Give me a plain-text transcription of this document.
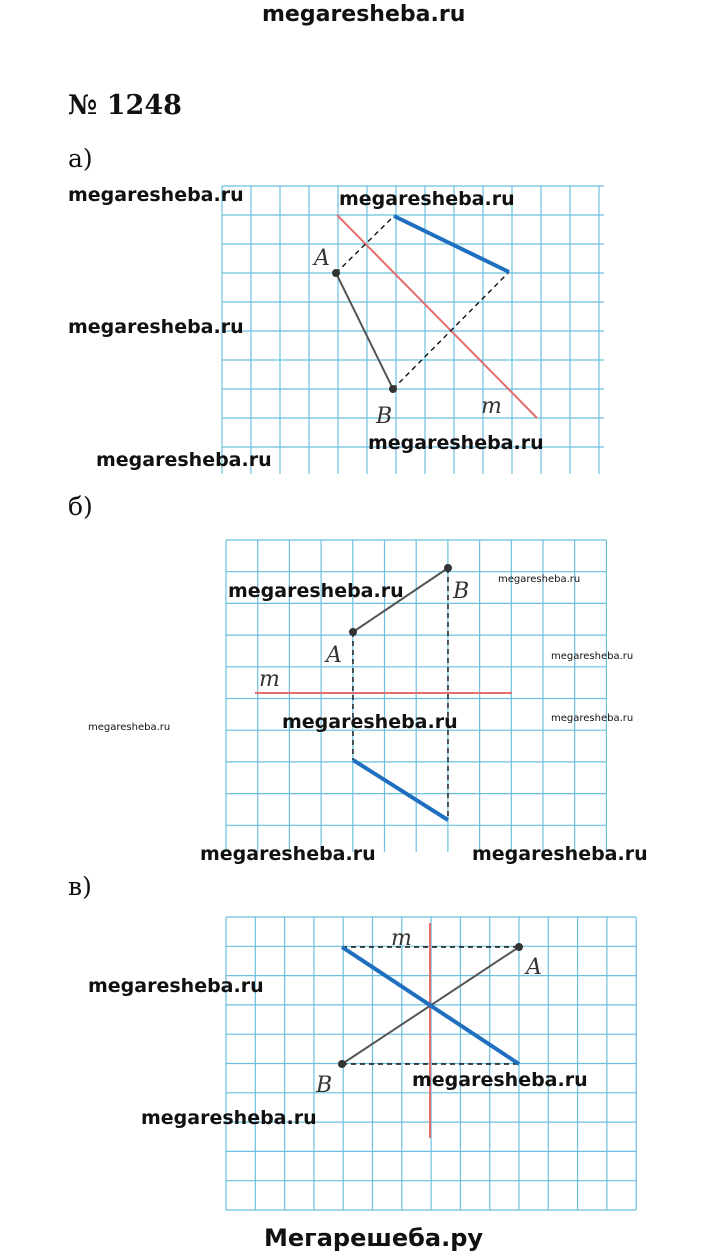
megaresheba.ru
№ 1248
а)
A
B	m
megaresheba.ru	megaresheba.ru
megaresheba.ru
megaresheba.ru
megaresheba.ru
б)
A
B
m
megaresheba.ru
megaresheba.ru
megaresheba.ru
megaresheba.ru
megaresheba.ru
megaresheba.ru
megaresheba.ru	megaresheba.ru
в)
A
B
m
megaresheba.ru
megaresheba.ru
megaresheba.ru
Мегарешеба.ру
